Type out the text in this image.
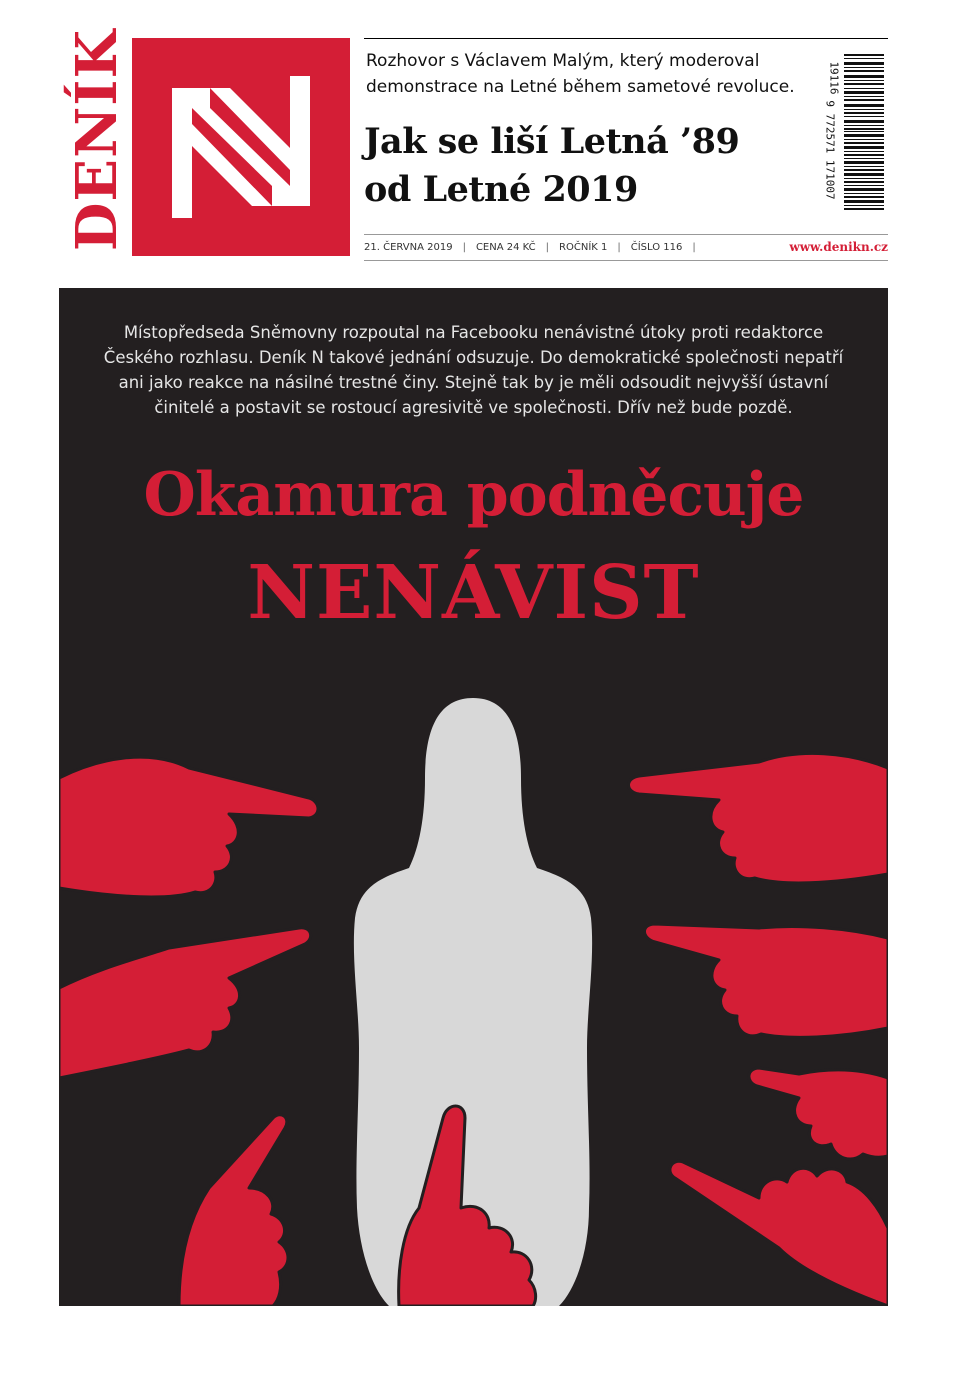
DENÍK	Rozhovor s Václavem Malým, který moderoval demonstrace na Letné během sametové revoluce.
Jak se liší Letná ’89
od Letné 2019
19116
9 772571 171007
21. ČERVNA 2019 | CENA 24 KČ | ROČNÍK 1 | ČÍSLO 116 |	www.denikn.cz
Místopředseda Sněmovny rozpoutal na Facebooku nenávistné útoky proti redaktorce Českého rozhlasu. Deník N takové jednání odsuzuje. Do demokratické společnosti nepatří ani jako reakce na násilné trestné činy. Stejně tak by je měli odsoudit nejvyšší ústavní činitelé a postavit se rostoucí agresivitě ve společnosti. Dřív než bude pozdě.
Okamura podněcuje
NENÁVIST
